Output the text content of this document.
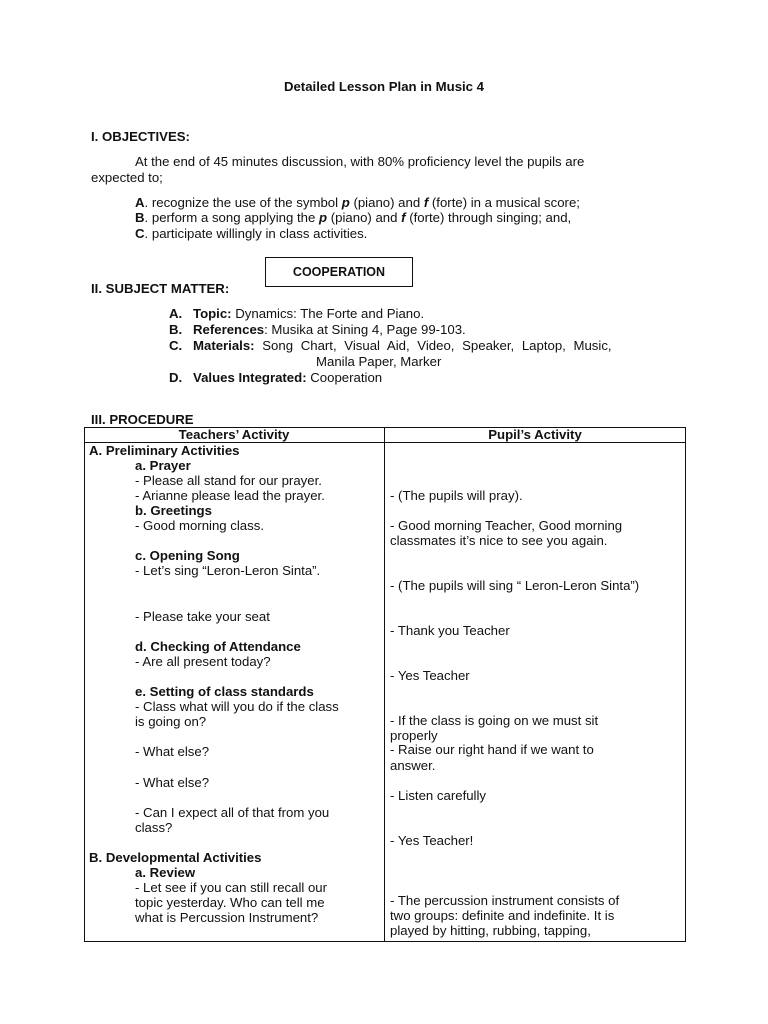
Detailed Lesson Plan in Music 4
I. OBJECTIVES:
At the end of 45 minutes discussion, with 80% proficiency level the pupils are
expected to;
A. recognize the use of the symbol p (piano) and f (forte) in a musical score;
B. perform a song applying the p (piano) and f (forte) through singing; and,
C. participate willingly in class activities.
COOPERATION
II. SUBJECT MATTER:
A. Topic: Dynamics: The Forte and Piano.
B. References: Musika at Sining 4, Page 99-103.
C. Materials: Song Chart, Visual Aid, Video, Speaker, Laptop, Music,
Manila Paper, Marker
D. Values Integrated: Cooperation
III. PROCEDURE
Teachers’ Activity	Pupil’s Activity
A. Preliminary Activities
a. Prayer
- Please all stand for our prayer.
- Arianne please lead the prayer.
b. Greetings
- Good morning class.
c. Opening Song
- Let’s sing “Leron-Leron Sinta”.
- Please take your seat
d. Checking of Attendance
- Are all present today?
e. Setting of class standards
- Class what will you do if the class
is going on?
- What else?
- What else?
- Can I expect all of that from you
class?
B. Developmental Activities
a. Review
- Let see if you can still recall our
topic yesterday. Who can tell me
what is Percussion Instrument?
- (The pupils will pray).
- Good morning Teacher, Good morning
classmates it’s nice to see you again.
- (The pupils will sing “ Leron-Leron Sinta”)
- Thank you Teacher
- Yes Teacher
- If the class is going on we must sit
properly
- Raise our right hand if we want to
answer.
- Listen carefully
- Yes Teacher!
- The percussion instrument consists of
two groups: definite and indefinite. It is
played by hitting, rubbing, tapping,
